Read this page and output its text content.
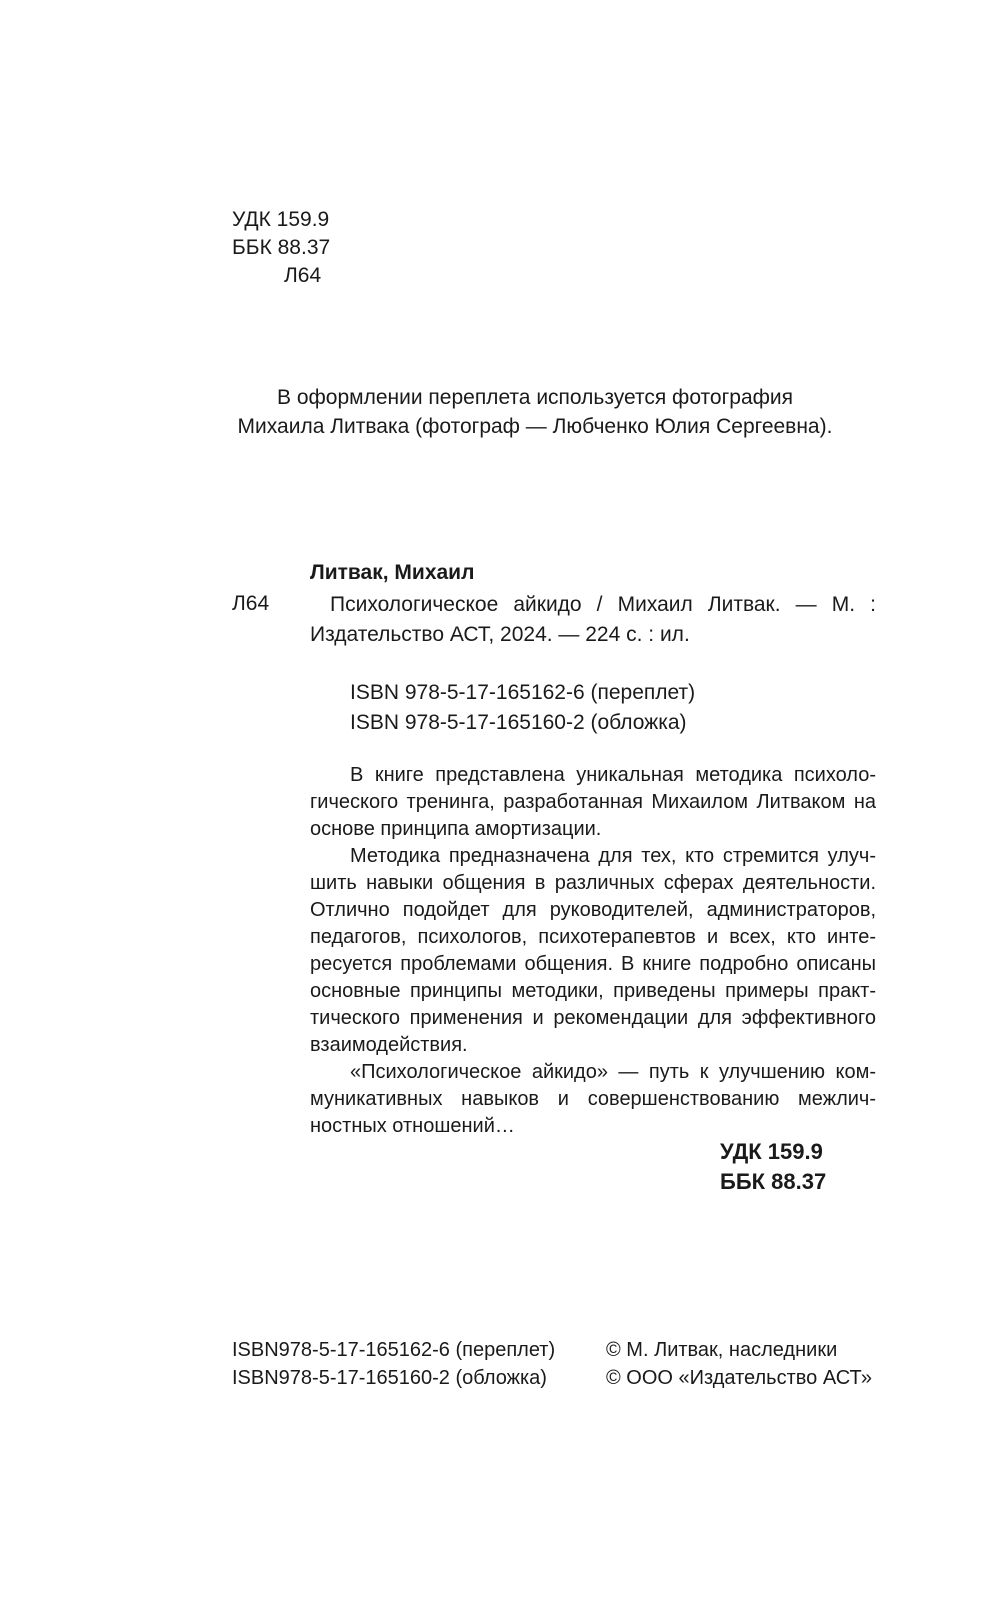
УДК 159.9
ББК 88.37
Л64
B оформлении переплета используется фотография
Михаила Литвака (фотограф — Любченко Юлия Сергеевна).
Литвак, Михаил
Л64	Психологическое айкидо / Михаил Литвак. — М. :
Издательство АСТ, 2024. — 224 с. : ил.
ISBN 978-5-17-165162-6 (переплет)
ISBN 978-5-17-165160-2 (обложка)
В книге представлена уникальная методика психоло-
гического тренинга, разработанная Михаилом Литваком на
основе принципа амортизации.
Методика предназначена для тех, кто стремится улуч-
шить навыки общения в различных сферах деятельности.
Отлично подойдет для руководителей, администраторов,
педагогов, психологов, психотерапевтов и всех, кто инте-
ресуется проблемами общения. В книге подробно описаны
основные принципы методики, приведены примеры практ-
тического применения и рекомендации для эффективного
взаимодействия.
«Психологическое айкидо» — путь к улучшению ком-
муникативных навыков и совершенствованию межлич-
ностных отношений…
УДК 159.9
ББК 88.37
ISBN978-5-17-165162-6 (переплет)
ISBN978-5-17-165160-2 (обложка)
© М. Литвак, наследники
© ООО «Издательство АСТ»
